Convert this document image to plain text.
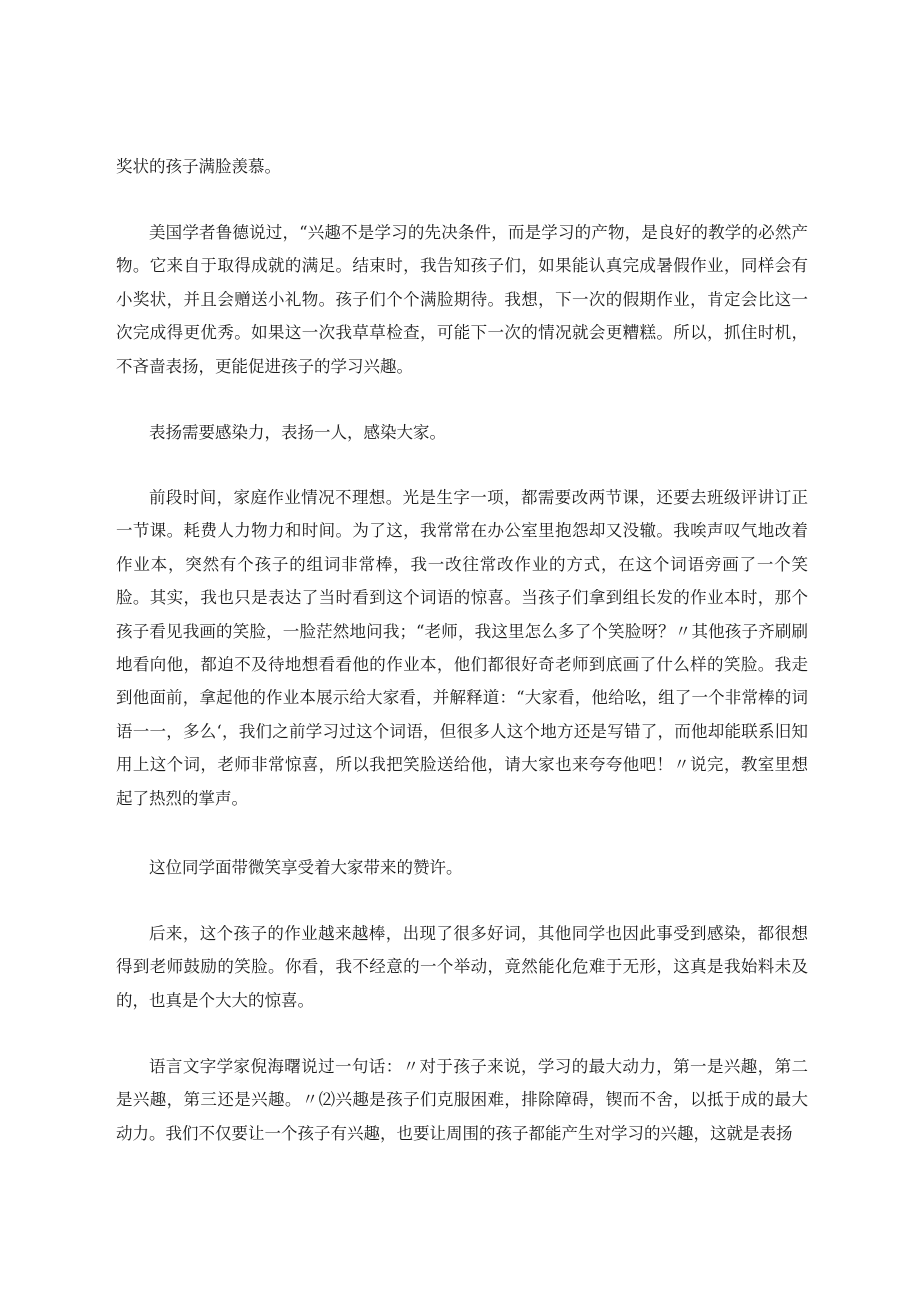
奖状的孩子满脸羡慕。

美国学者鲁德说过，“兴趣不是学习的先决条件，而是学习的产物，是良好的教学的必然产物。它来自于取得成就的满足。结束时，我告知孩子们，如果能认真完成暑假作业，同样会有小奖状，并且会赠送小礼物。孩子们个个满脸期待。我想，下一次的假期作业，肯定会比这一次完成得更优秀。如果这一次我草草检查，可能下一次的情况就会更糟糕。所以，抓住时机，不吝啬表扬，更能促进孩子的学习兴趣。

表扬需要感染力，表扬一人，感染大家。

前段时间，家庭作业情况不理想。光是生字一项，都需要改两节课，还要去班级评讲订正一节课。耗费人力物力和时间。为了这，我常常在办公室里抱怨却又没辙。我唉声叹气地改着作业本，突然有个孩子的组词非常棒，我一改往常改作业的方式，在这个词语旁画了一个笑脸。其实，我也只是表达了当时看到这个词语的惊喜。当孩子们拿到组长发的作业本时，那个孩子看见我画的笑脸，一脸茫然地问我；“老师，我这里怎么多了个笑脸呀？〃其他孩子齐刷刷地看向他，都迫不及待地想看看他的作业本，他们都很好奇老师到底画了什么样的笑脸。我走到他面前，拿起他的作业本展示给大家看，并解释道：“大家看，他给吆，组了一个非常棒的词语一一，多么‘，我们之前学习过这个词语，但很多人这个地方还是写错了，而他却能联系旧知用上这个词，老师非常惊喜，所以我把笑脸送给他，请大家也来夸夸他吧！〃说完，教室里想起了热烈的掌声。

这位同学面带微笑享受着大家带来的赞许。

后来，这个孩子的作业越来越棒，出现了很多好词，其他同学也因此事受到感染，都很想得到老师鼓励的笑脸。你看，我不经意的一个举动，竟然能化危难于无形，这真是我始料未及的，也真是个大大的惊喜。

语言文字学家倪海曙说过一句话：〃对于孩子来说，学习的最大动力，第一是兴趣，第二是兴趣，第三还是兴趣。〃⑵兴趣是孩子们克服困难，排除障碍，锲而不舍，以抵于成的最大动力。我们不仅要让一个孩子有兴趣，也要让周围的孩子都能产生对学习的兴趣，这就是表扬
